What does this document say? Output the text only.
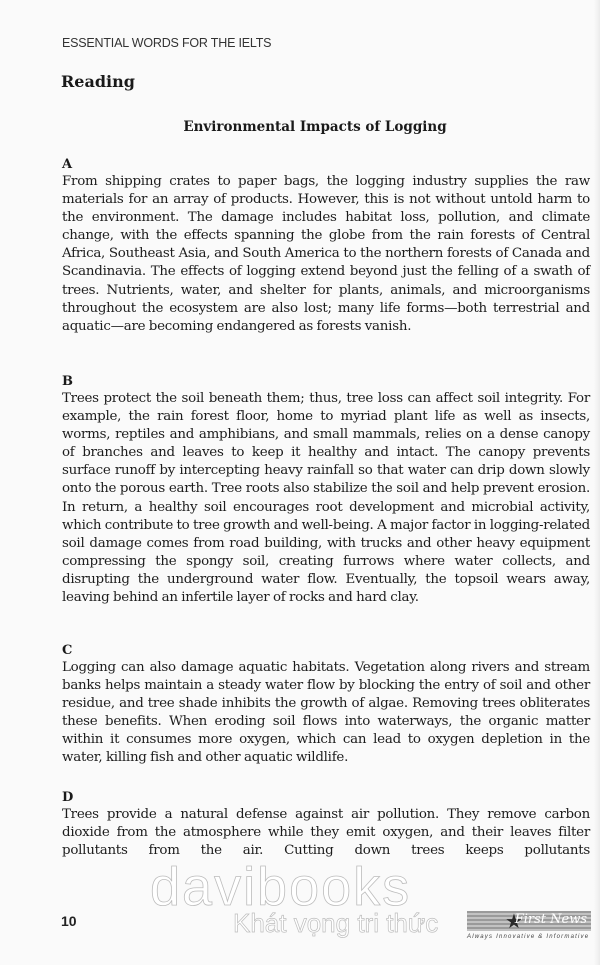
ESSENTIAL WORDS FOR THE IELTS
Reading
Environmental Impacts of Logging
A
From shipping crates to paper bags, the logging industry supplies the raw materials for an array of products. However, this is not without untold harm to the environment. The damage includes habitat loss, pollution, and climate change, with the effects spanning the globe from the rain forests of Central Africa, Southeast Asia, and South America to the northern forests of Canada and Scandinavia. The effects of logging extend beyond just the felling of a swath of trees. Nutrients, water, and shelter for plants, animals, and microorganisms throughout the ecosystem are also lost; many life forms—both terrestrial and aquatic—are becoming endangered as forests vanish.
B
Trees protect the soil beneath them; thus, tree loss can affect soil integrity. For example, the rain forest floor, home to myriad plant life as well as insects, worms, reptiles and amphibians, and small mammals, relies on a dense canopy of branches and leaves to keep it healthy and intact. The canopy prevents surface runoff by intercepting heavy rainfall so that water can drip down slowly onto the porous earth. Tree roots also stabilize the soil and help prevent erosion. In return, a healthy soil encourages root development and microbial activity, which contribute to tree growth and well-being. A major factor in logging-related soil damage comes from road building, with trucks and other heavy equipment compressing the spongy soil, creating furrows where water collects, and disrupting the underground water flow. Eventually, the topsoil wears away, leaving behind an infertile layer of rocks and hard clay.
C
Logging can also damage aquatic habitats. Vegetation along rivers and stream banks helps maintain a steady water flow by blocking the entry of soil and other residue, and tree shade inhibits the growth of algae. Removing trees obliterates these benefits. When eroding soil flows into waterways, the organic matter within it consumes more oxygen, which can lead to oxygen depletion in the water, killing fish and other aquatic wildlife.
D
Trees provide a natural defense against air pollution. They remove carbon dioxide from the atmosphere while they emit oxygen, and their leaves filter pollutants from the air. Cutting down trees keeps pollutants
davibooks
Khát vọng tri thức
10	★
First News
Always Innovative & Informative
